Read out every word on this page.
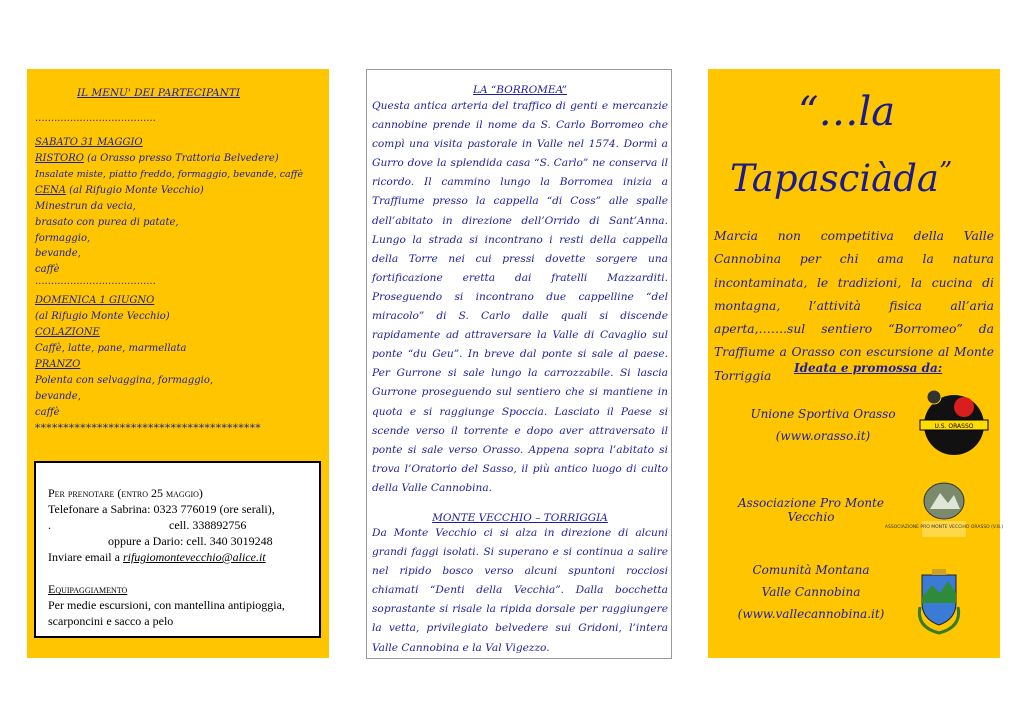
IL MENU' DEI PARTECIPANTI
......................................
SABATO 31 MAGGIO
RISTORO (a Orasso presso Trattoria Belvedere)
Insalate miste, piatto freddo, formaggio, bevande, caffè
CENA (al Rifugio Monte Vecchio)
Minestrun da vecia,
brasato con purea di patate,
formaggio,
bevande,
caffè
......................................
DOMENICA 1 GIUGNO
(al Rifugio Monte Vecchio)
COLAZIONE
Caffè, latte, pane, marmellata
PRANZO
Polenta con selvaggina, formaggio,
bevande,
caffè
****************************************
Per prenotare (entro 25 maggio)
Telefonare a Sabrina: 0323 776019 (ore serali),
.	cell. 338892756
oppure a Dario: cell. 340 3019248
Inviare email a rifugiomontevecchio@alice.it
Equipaggiamento
Per medie escursioni, con mantellina antipioggia, scarponcini e sacco a pelo
LA “BORROMEA”
Questa antica arteria del traffico di genti e mercanzie cannobine prende il nome da S. Carlo Borromeo che compì una visita pastorale in Valle nel 1574. Dormì a Gurro dove la splendida casa “S. Carlo” ne conserva il ricordo. Il cammino lungo la Borromea inizia a Traffiume presso la cappella “di Coss” alle spalle dell’abitato in direzione dell’Orrido di Sant’Anna. Lungo la strada si incontrano i resti della cappella della Torre nei cui pressi dovette sorgere una fortificazione eretta dai fratelli Mazzarditi. Proseguendo si incontrano due cappelline “del miracolo” di S. Carlo dalle quali si discende rapidamente ad attraversare la Valle di Cavaglio sul ponte “du Geu”. In breve dal ponte si sale al paese. Per Gurrone si sale lungo la carrozzabile. Si lascia Gurrone proseguendo sul sentiero che si mantiene in quota e si raggiunge Spoccia. Lasciato il Paese si scende verso il torrente e dopo aver attraversato il ponte si sale verso Orasso. Appena sopra l’abitato si trova l’Oratorio del Sasso, il più antico luogo di culto della Valle Cannobina.
MONTE VECCHIO – TORRIGGIA
Da Monte Vecchio ci si alza in direzione di alcuni grandi faggi isolati. Si superano e si continua a salire nel ripido bosco verso alcuni spuntoni rocciosi chiamati “Denti della Vecchia”. Dalla bocchetta soprastante si risale la ripida dorsale per raggiungere la vetta, privilegiato belvedere sui Gridoni, l’intera Valle Cannobina e la Val Vigezzo.
“…la
Tapasciàda”
Marcia non competitiva della Valle Cannobina per chi ama la natura incontaminata, le tradizioni, la cucina di montagna, l’attività fisica all’aria aperta,…….sul sentiero “Borromeo” da Traffiume a Orasso con escursione al Monte Torriggia
Ideata e promossa da:
Unione Sportiva Orasso
(www.orasso.it)
U.S. ORASSO
Associazione Pro Monte Vecchio
ASSOCIAZIONE PRO MONTE VECCHIO ORASSO (V.B.)
Comunità Montana
Valle Cannobina
(www.vallecannobina.it)
